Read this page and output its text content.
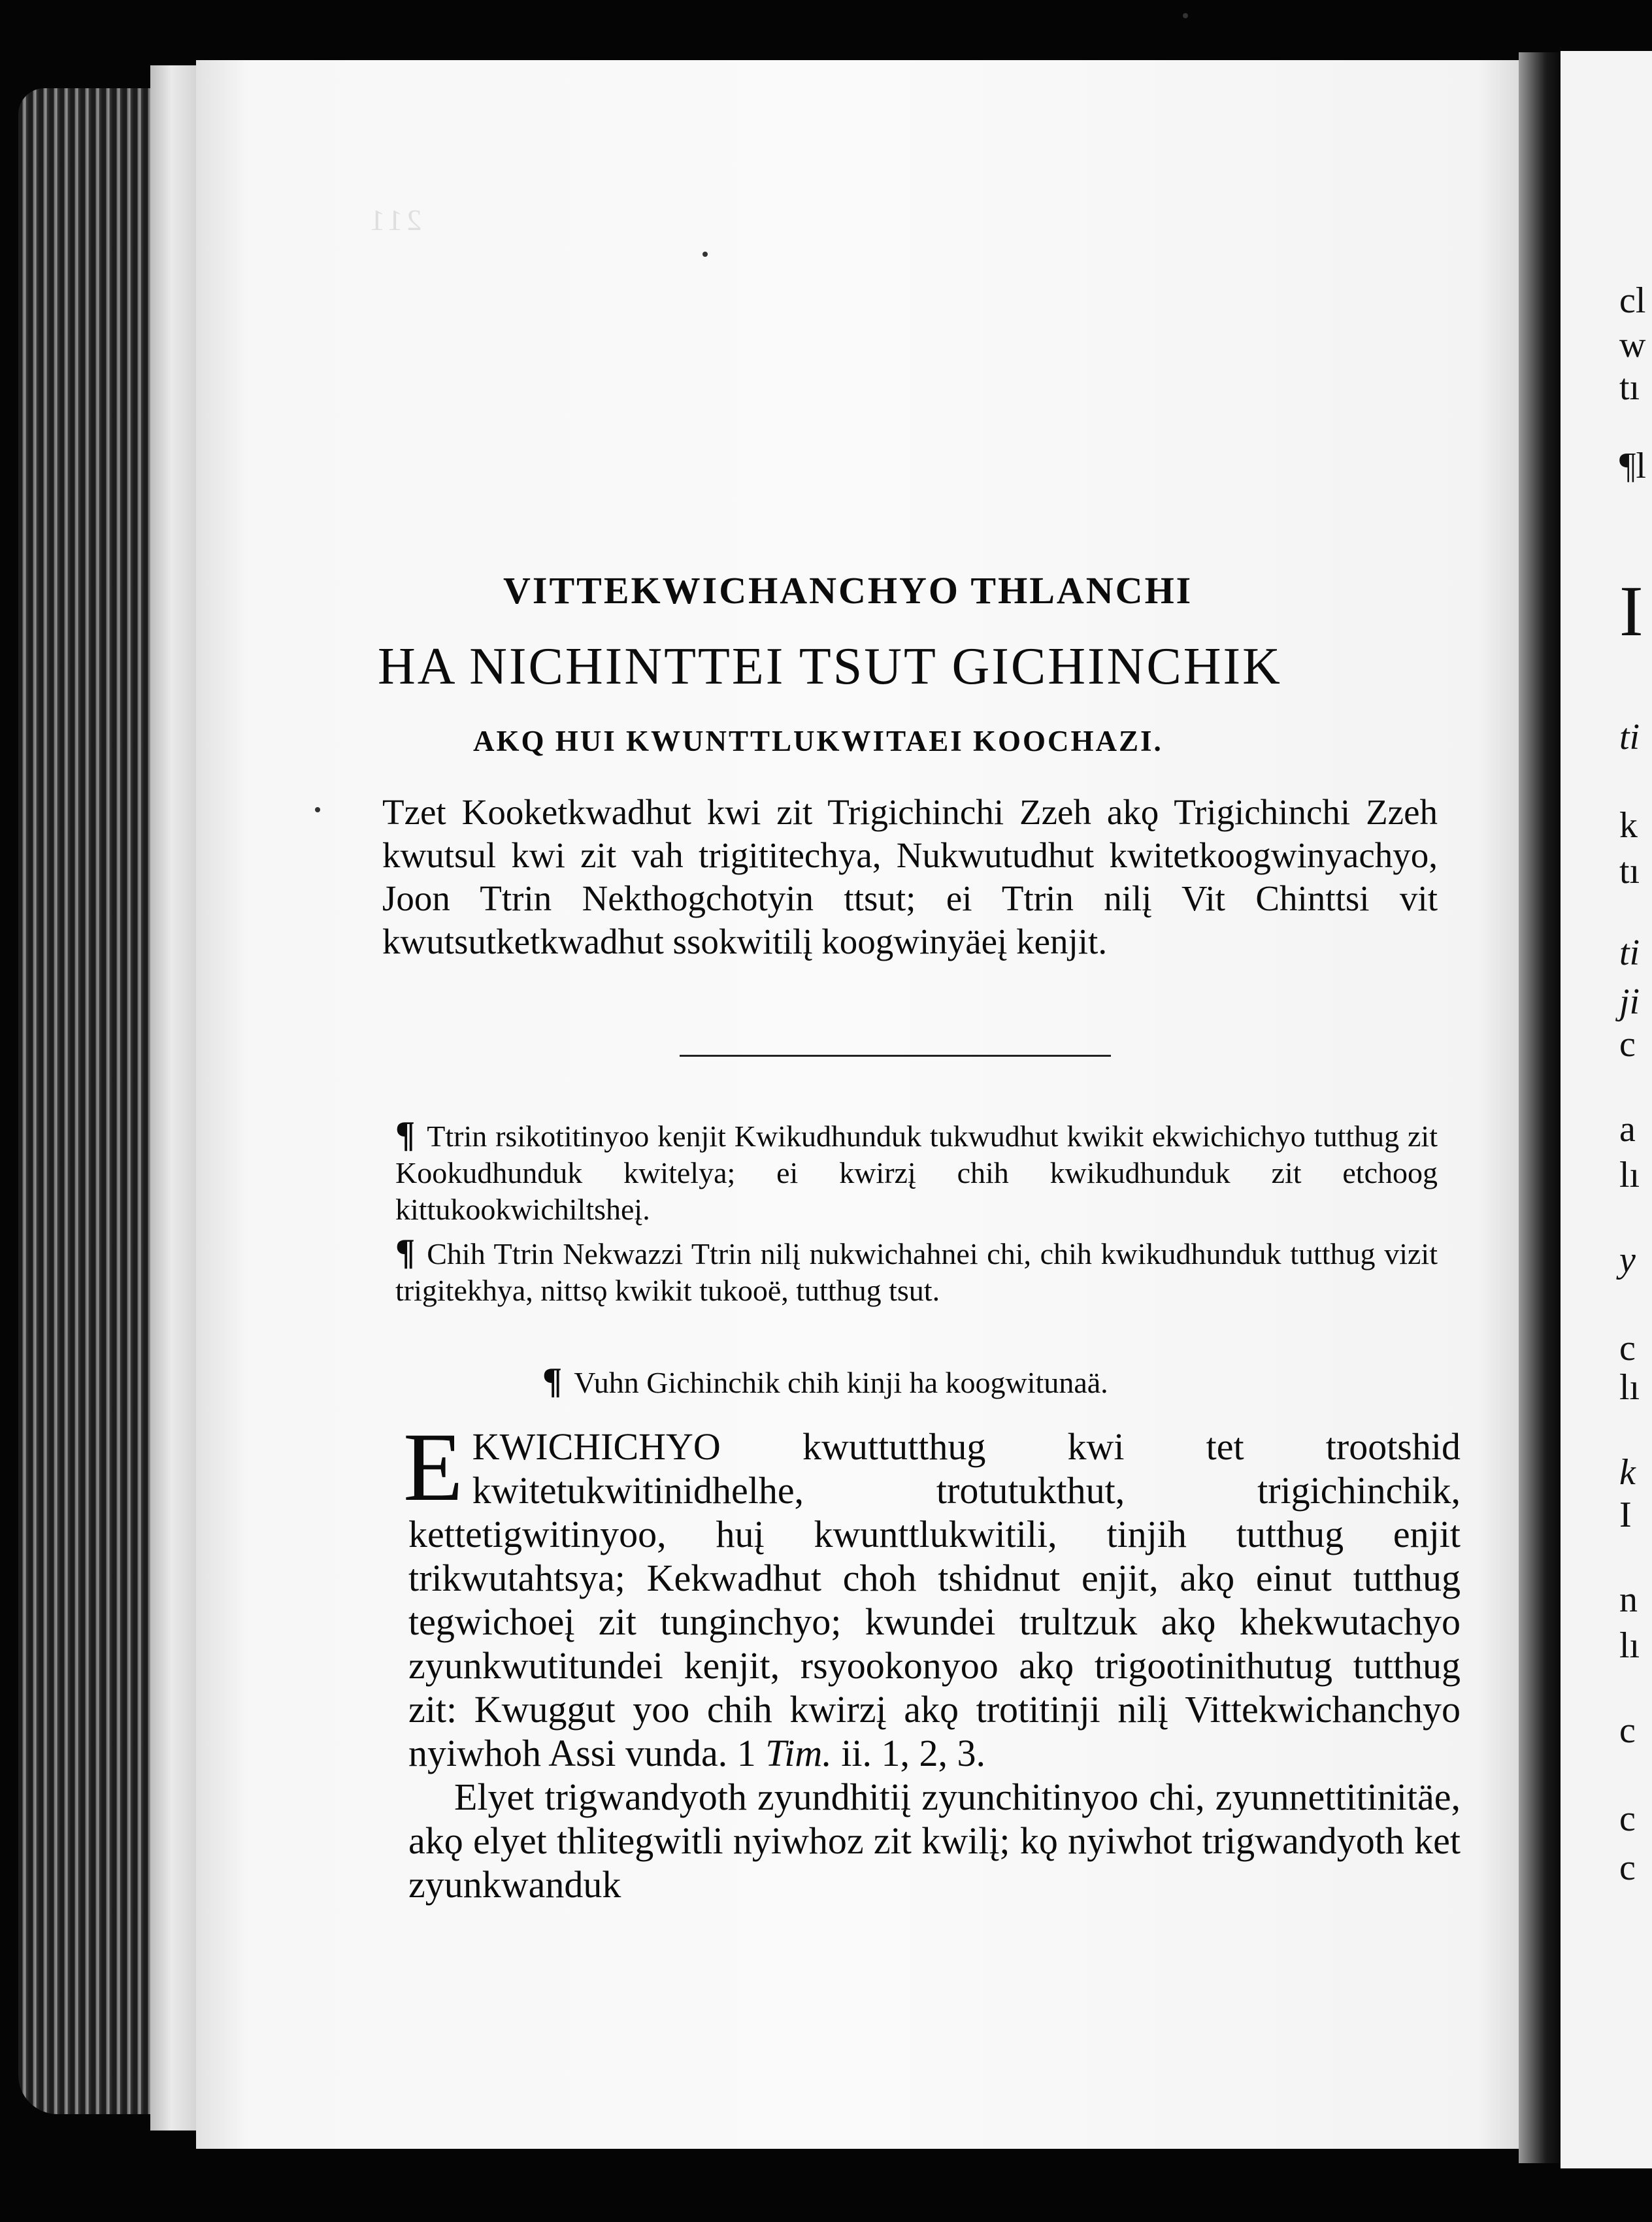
211
cl
w
tı
¶l
I
ti
k
tı
ti
ji
c
a
lı
y
c
lı
k
I
n
lı
c
c
c
VITTEKWICHANCHYO THLANCHI
HA NICHINTTEI TSUT GICHINCHIK
AKQ HUI KWUNTTLUKWITAEI KOOCHAZI.

Tzet Kooketkwadhut kwi zit Trigichinchi Zzeh akǫ Trigichinchi Zzeh kwutsul kwi zit vah trigititechya, Nukwutudhut kwitetkoogwinyachyo, Joon Ttrin Nekthogchotyin ttsut; ei Ttrin nilį Vit Chinttsi vit kwutsutketkwadhut ssokwitilį koogwinyäeį kenjit.

¶ Ttrin rsikotitinyoo kenjit Kwikudhunduk tukwudhut kwikit ekwichichyo tutthug zit Kookudhunduk kwitelya; ei kwirzį chih kwikudhunduk zit etchoog kittukookwichiltsheį.
¶ Chih Ttrin Nekwazzi Ttrin nilį nukwichahnei chi, chih kwikudhunduk tutthug vizit trigitekhya, nittsǫ kwikit tukooë, tutthug tsut.
¶ Vuhn Gichinchik chih kinji ha koogwitunaä.

EKWICHICHYO kwuttutthug kwi tet trootshid kwitetukwitinidhelhe, trotutukthut, trigichinchik, kettetigwitinyoo, huį kwunttlukwitili, tinjih tutthug enjit trikwutahtsya; Kekwadhut choh tshidnut enjit, akǫ einut tutthug tegwichoeį zit tunginchyo; kwundei trultzuk akǫ khekwutachyo zyunkwutitundei kenjit, rsyookonyoo akǫ trigootinithutug tutthug zit: Kwuggut yoo chih kwirzį akǫ trotitinji nilį Vittekwichanchyo nyiwhoh Assi vunda. 1 Tim. ii. 1, 2, 3.

Elyet trigwandyoth zyundhitiį zyunchitinyoo chi, zyunnettitinitäe, akǫ elyet thlitegwitli nyiwhoz zit kwilį; kǫ nyiwhot trigwandyoth ket zyunkwanduk
